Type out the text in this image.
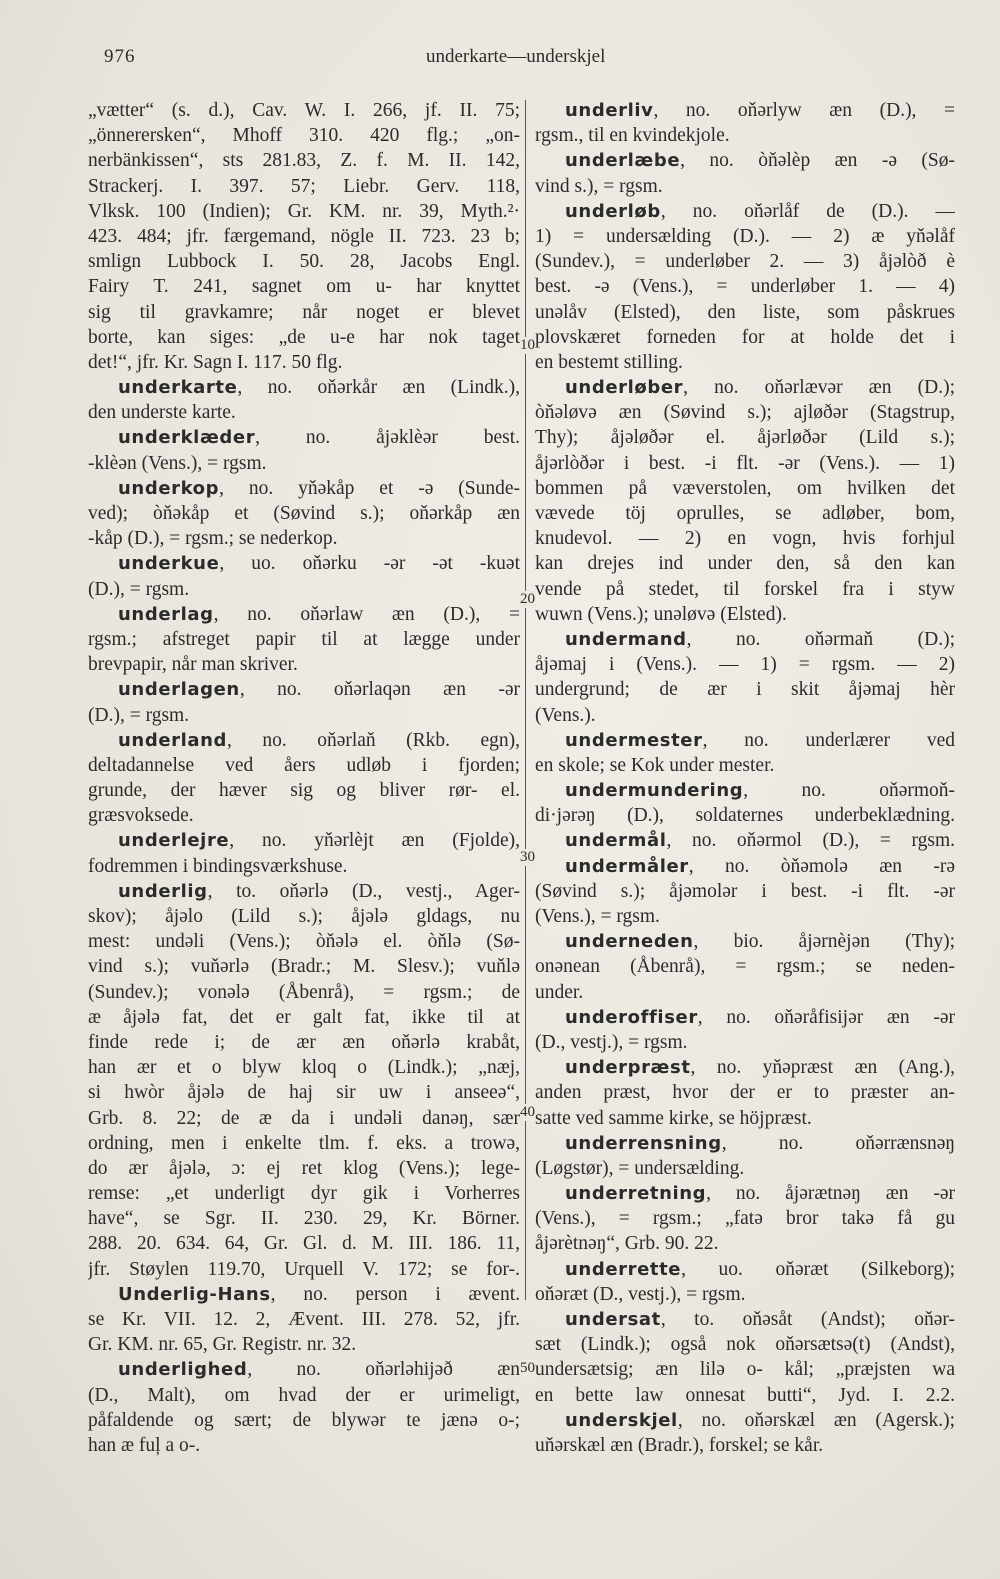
976	underkarte—underskjel
10
20
30
40
50
„vætter“ (s. d.), Cav. W. I. 266, jf. II. 75;
„önnerersken“, Mhoff 310. 420 flg.; „on-
nerbänkissen“, sts 281.83, Z. f. M. II. 142,
Strackerj. I. 397. 57; Liebr. Gerv. 118,
Vlksk. 100 (Indien); Gr. KM. nr. 39, Myth.²·
423. 484; jfr. færgemand, nögle II. 723. 23 b;
smlign Lubbock I. 50. 28, Jacobs Engl.
Fairy T. 241, sagnet om u- har knyttet
sig til gravkamre; når noget er blevet
borte, kan siges: „de u-e har nok taget
det!“, jfr. Kr. Sagn I. 117. 50 flg.
underkarte, no. oňərkår æn (Lindk.),
den underste karte.
underklæder, no. åjəklèər best.
-klèən (Vens.), = rgsm.
underkop, no. yňəkåp et -ə (Sunde-
ved); òňəkåp et (Søvind s.); oňərkåp æn
-kåp (D.), = rgsm.; se nederkop.
underkue, uo. oňərku -ər -ət -kuət
(D.), = rgsm.
underlag, no. oňərlaw æn (D.), =
rgsm.; afstreget papir til at lægge under
brevpapir, når man skriver.
underlagen, no. oňərlaqən æn -ər
(D.), = rgsm.
underland, no. oňərlaň (Rkb. egn),
deltadannelse ved åers udløb i fjorden;
grunde, der hæver sig og bliver rør- el.
græsvoksede.
underlejre, no. yňərlèjt æn (Fjolde),
fodremmen i bindingsværkshuse.
underlig, to. oňərlə (D., vestj., Ager-
skov); åjəlo (Lild s.); åjələ gldags, nu
mest: undəli (Vens.); òňələ el. òňlə (Sø-
vind s.); vuňərlə (Bradr.; M. Slesv.); vuňlə
(Sundev.); vonələ (Åbenrå), = rgsm.; de
æ åjələ fat, det er galt fat, ikke til at
finde rede i; de ær æn oňərlə krabåt,
han ær et o blyw kloq o (Lindk.); „næj,
si hwòr åjələ de haj sir uw i anseeə“,
Grb. 8. 22; de æ da i undəli danəŋ, sær
ordning, men i enkelte tlm. f. eks. a trowə,
do ær åjələ, ɔ: ej ret klog (Vens.); lege-
remse: „et underligt dyr gik i Vorherres
have“, se Sgr. II. 230. 29, Kr. Börner.
288. 20. 634. 64, Gr. Gl. d. M. III. 186. 11,
jfr. Støylen 119.70, Urquell V. 172; se for-.
Underlig-Hans, no. person i ævent.
se Kr. VII. 12. 2, Ævent. III. 278. 52, jfr.
Gr. KM. nr. 65, Gr. Registr. nr. 32.
underlighed, no. oňərləhijəð æn
(D., Malt), om hvad der er urimeligt,
påfaldende og sært; de blywər te jænə o-;
han æ fuļ a o-.
underliv, no. oňərlyw æn (D.), =
rgsm., til en kvindekjole.
underlæbe, no. òňəlèp æn -ə (Sø-
vind s.), = rgsm.
underløb, no. oňərlåf de (D.). —
1) = undersælding (D.). — 2) æ yňəlåf
(Sundev.), = underløber 2. — 3) åjəlòð è
best. -ə (Vens.), = underløber 1. — 4)
unəlåv (Elsted), den liste, som påskrues
plovskæret forneden for at holde det i
en bestemt stilling.
underløber, no. oňərlævər æn (D.);
òňəløvə æn (Søvind s.); ajløðər (Stagstrup,
Thy); åjəløðər el. åjərløðər (Lild s.);
åjərlòðər i best. -i flt. -ər (Vens.). — 1)
bommen på væverstolen, om hvilken det
vævede töj oprulles, se adløber, bom,
knudevol. — 2) en vogn, hvis forhjul
kan drejes ind under den, så den kan
vende på stedet, til forskel fra i styw
wuwn (Vens.); unəløvə (Elsted).
undermand, no. oňərmaň (D.);
åjəmaj i (Vens.). — 1) = rgsm. — 2)
undergrund; de ær i skit åjəmaj hèr
(Vens.).
undermester, no. underlærer ved
en skole; se Kok under mester.
undermundering, no. oňərmoň-
di·jərəŋ (D.), soldaternes underbeklædning.
undermål, no. oňərmol (D.), = rgsm.
undermåler, no. òňəmolə æn -rə
(Søvind s.); åjəmolər i best. -i flt. -ər
(Vens.), = rgsm.
underneden, bio. åjərnèjən (Thy);
onənean (Åbenrå), = rgsm.; se neden-
under.
underoffiser, no. oňəråfisijər æn -ər
(D., vestj.), = rgsm.
underpræst, no. yňəpræst æn (Ang.),
anden præst, hvor der er to præster an-
satte ved samme kirke, se höjpræst.
underrensning, no. oňərrænsnəŋ
(Løgstør), = undersælding.
underretning, no. åjərætnəŋ æn -ər
(Vens.), = rgsm.; „fatə bror takə få gu
åjərètnəŋ“, Grb. 90. 22.
underrette, uo. oňəræt (Silkeborg);
oňəræt (D., vestj.), = rgsm.
undersat, to. oňəsåt (Andst); oňər-
sæt (Lindk.); også nok oňərsætsə(t) (Andst),
undersætsig; æn lilə o- kål; „præjsten wa
en bette law onnesat butti“, Jyd. I. 2.2.
underskjel, no. oňərskæl æn (Agersk.);
uňərskæl æn (Bradr.), forskel; se kår.
